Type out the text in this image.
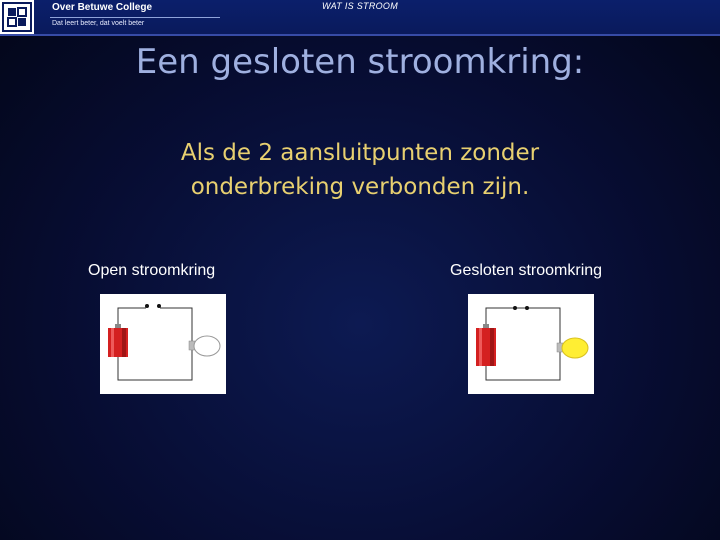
Over Betuwe College
Dat leert beter, dat voelt beter
WAT IS STROOM
Een gesloten stroomkring:
Als de 2 aansluitpunten zonder
onderbreking verbonden zijn.
Open stroomkring	Gesloten stroomkring
